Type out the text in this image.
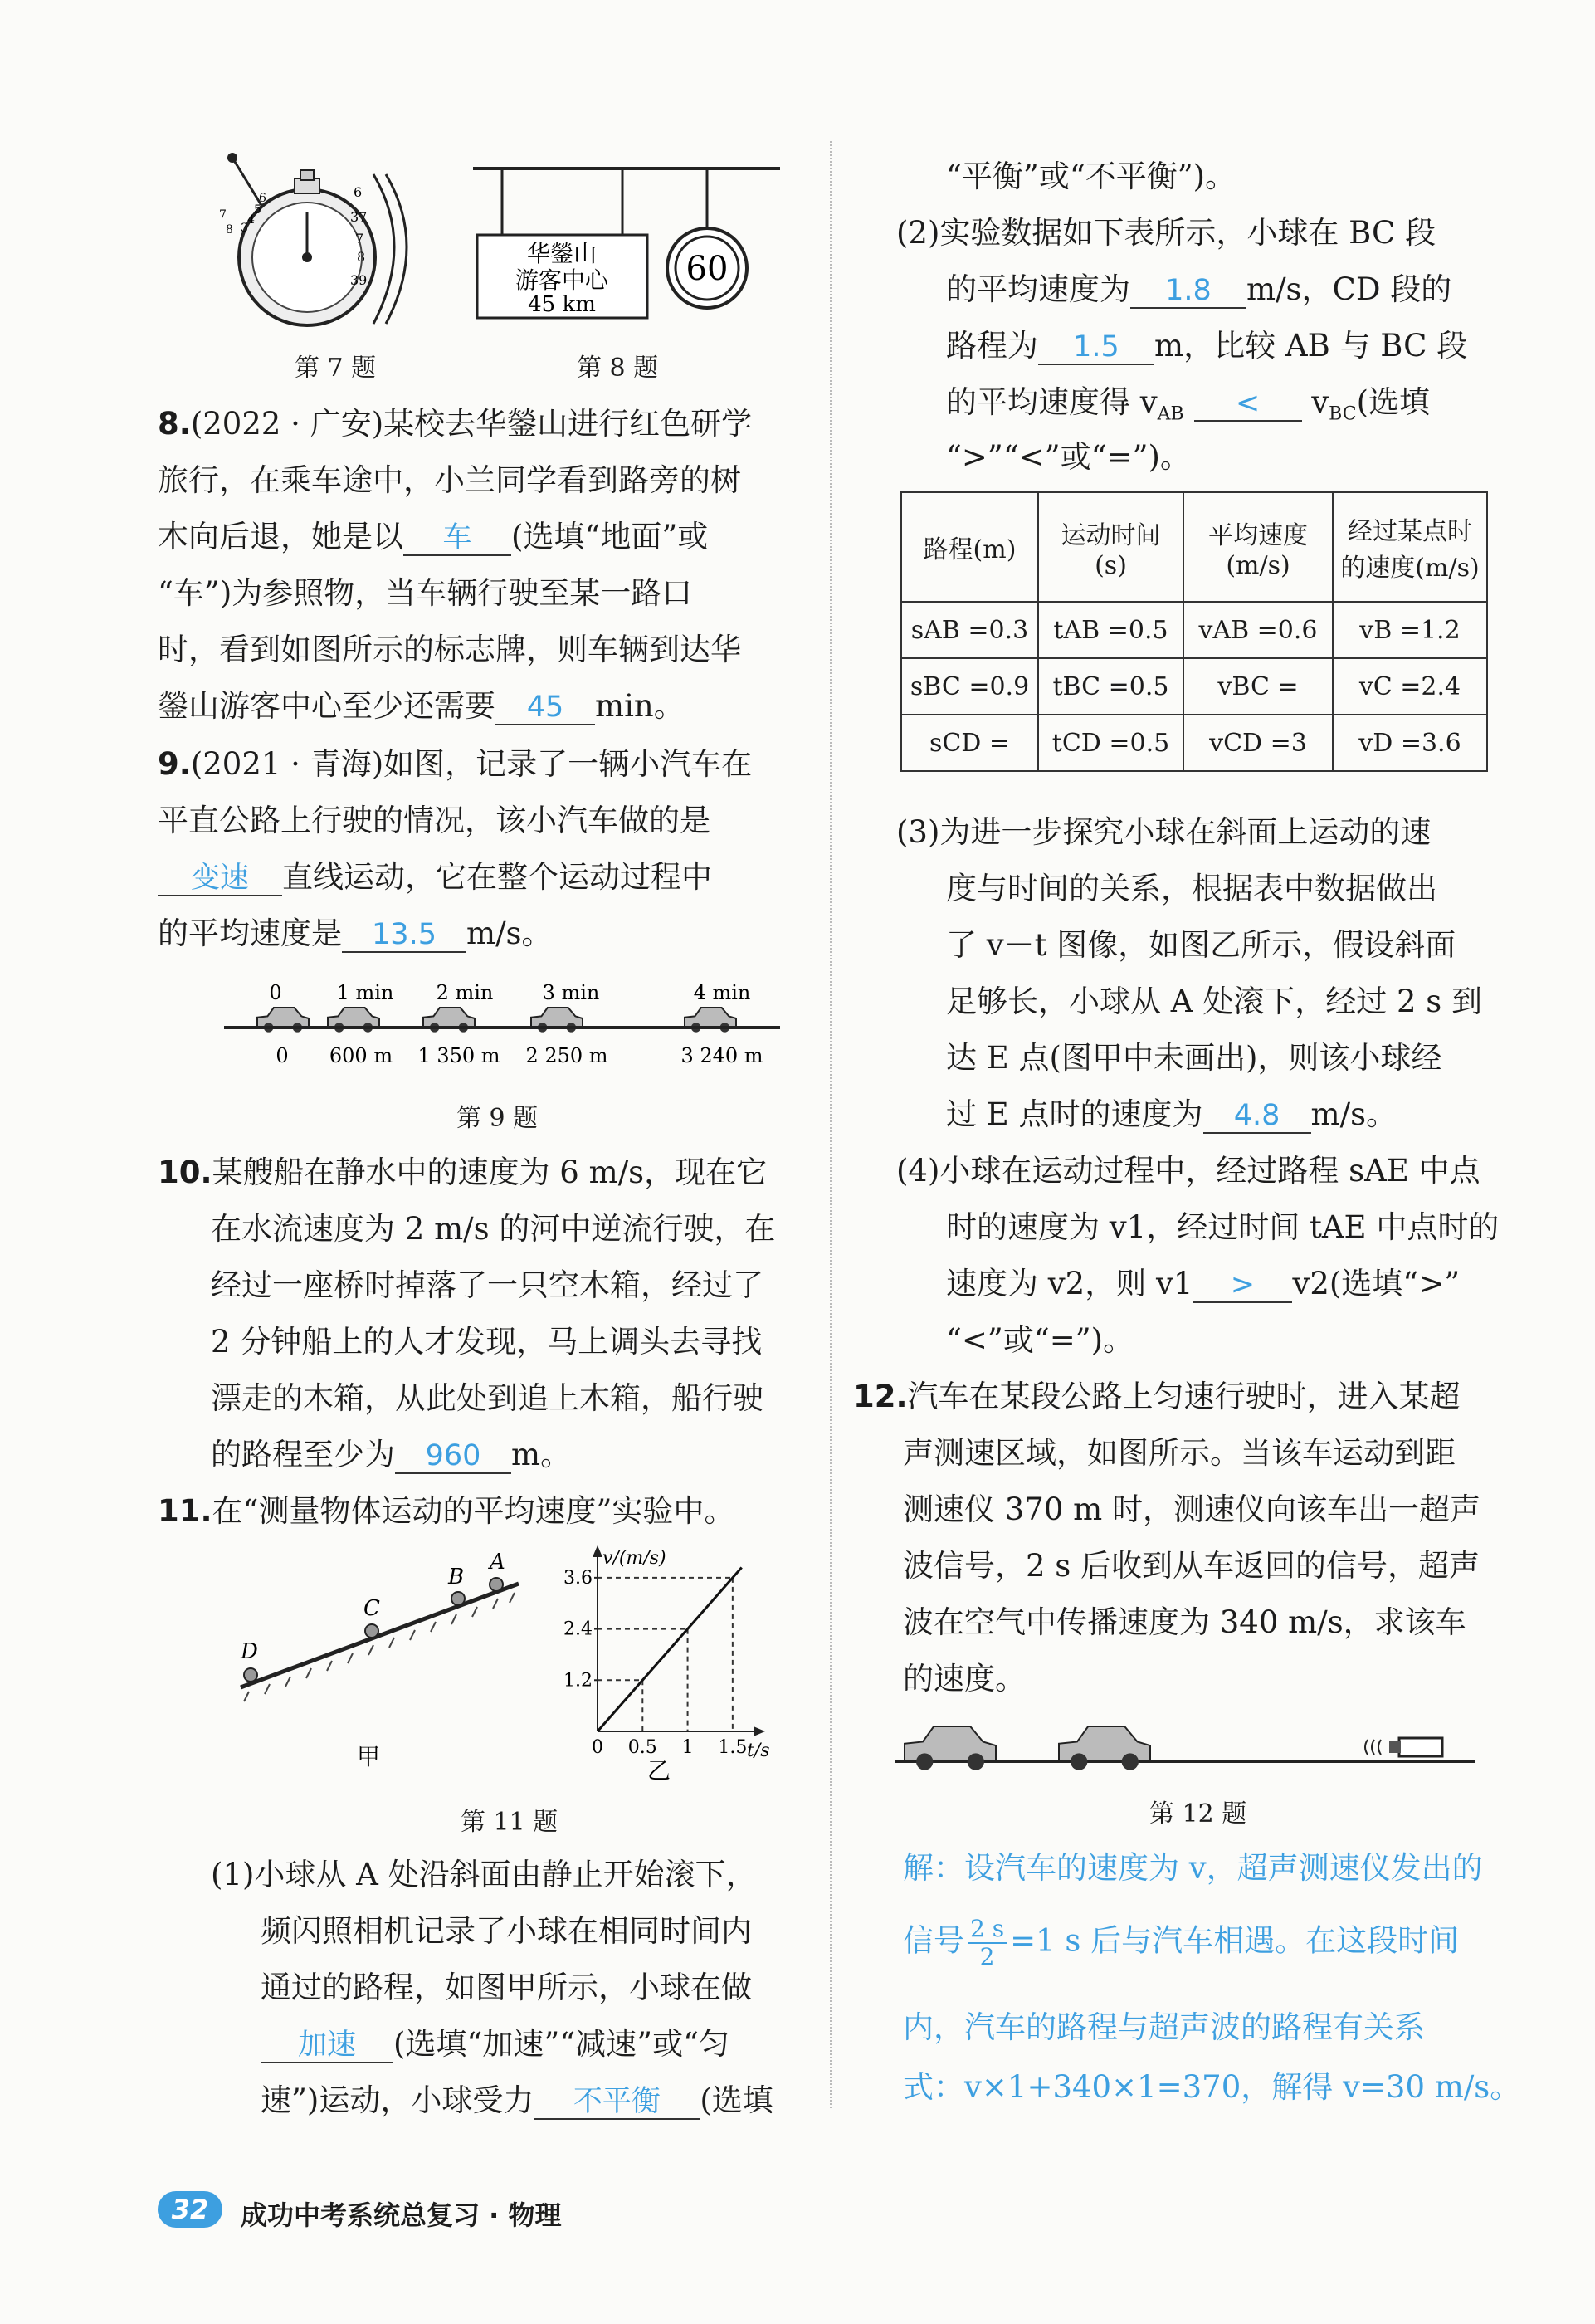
6
37
7
8
39
6
5
4
3
7
8
华鎣山
游客中心
45 km
60
第 7 题	第 8 题
8.(2022 · 广安)某校去华鎣山进行红色研学
旅行，在乘车途中，小兰同学看到路旁的树
木向后退，她是以 车 (选填“地面”或
“车”)为参照物，当车辆行驶至某一路口
时，看到如图所示的标志牌，则车辆到达华
鎣山游客中心至少还需要 45 min。
9.(2021 · 青海)如图，记录了一辆小汽车在
平直公路上行驶的情况，该小汽车做的是
变速 直线运动，它在整个运动过程中
的平均速度是 13.5 m/s。
0	1 min 2 min 3 min	4 min
0 600 m 1 350 m 2 250 m	3 240 m
第 9 题
10.某艘船在静水中的速度为 6 m/s，现在它
在水流速度为 2 m/s 的河中逆流行驶，在
经过一座桥时掉落了一只空木箱，经过了
2 分钟船上的人才发现，马上调头去寻找
漂走的木箱，从此处到追上木箱，船行驶
的路程至少为 960 m。
11.在“测量物体运动的平均速度”实验中。
D
C
B
A
甲
v/(m/s)
t/s
0 0.5 1 1.5
1.2
2.4
3.6
乙
第 11 题
(1)小球从 A 处沿斜面由静止开始滚下，
频闪照相机记录了小球在相同时间内
通过的路程，如图甲所示，小球在做
加速 (选填“加速”“减速”或“匀
速”)运动，小球受力 不平衡 (选填
“平衡”或“不平衡”)。
(2)实验数据如下表所示，小球在 BC 段
的平均速度为 1.8 m/s，CD 段的
路程为 1.5 m，比较 AB 与 BC 段
的平均速度得 $v_{AB} < v_{BC}$(选填
“>”“<”或“=”)。
路程(m)	运动时间 (s)	平均速度 (m/s)	经过某点时 的速度(m/s)
sAB =0.3	tAB =0.5	vAB =0.6	vB =1.2
sBC =0.9	tBC =0.5	vBC =	vC =2.4
sCD =	tCD =0.5	vCD =3	vD =3.6
(3)为进一步探究小球在斜面上运动的速
度与时间的关系，根据表中数据做出
了 v－t 图像，如图乙所示，假设斜面
足够长，小球从 A 处滚下，经过 2 s 到
达 E 点(图甲中未画出)，则该小球经
过 E 点时的速度为 4.8 m/s。
(4)小球在运动过程中，经过路程 sAE 中点
时的速度为 v1，经过时间 tAE 中点时的
速度为 v2，则 v1 > v2(选填“>”
“<”或“=”)。
12.汽车在某段公路上匀速行驶时，进入某超
声测速区域，如图所示。当该车运动到距
测速仪 370 m 时，测速仪向该车出一超声
波信号，2 s 后收到从车返回的信号，超声
波在空气中传播速度为 340 m/s，求该车
的速度。
第 12 题
解：设汽车的速度为 v，超声测速仪发出的
信号 $\frac{2 s}{2} =1$ s 后与汽车相遇。在这段时间
内，汽车的路程与超声波的路程有关系
式：v×1+340×1=370，解得 v=30 m/s。
32	成功中考系统总复习 · 物理
